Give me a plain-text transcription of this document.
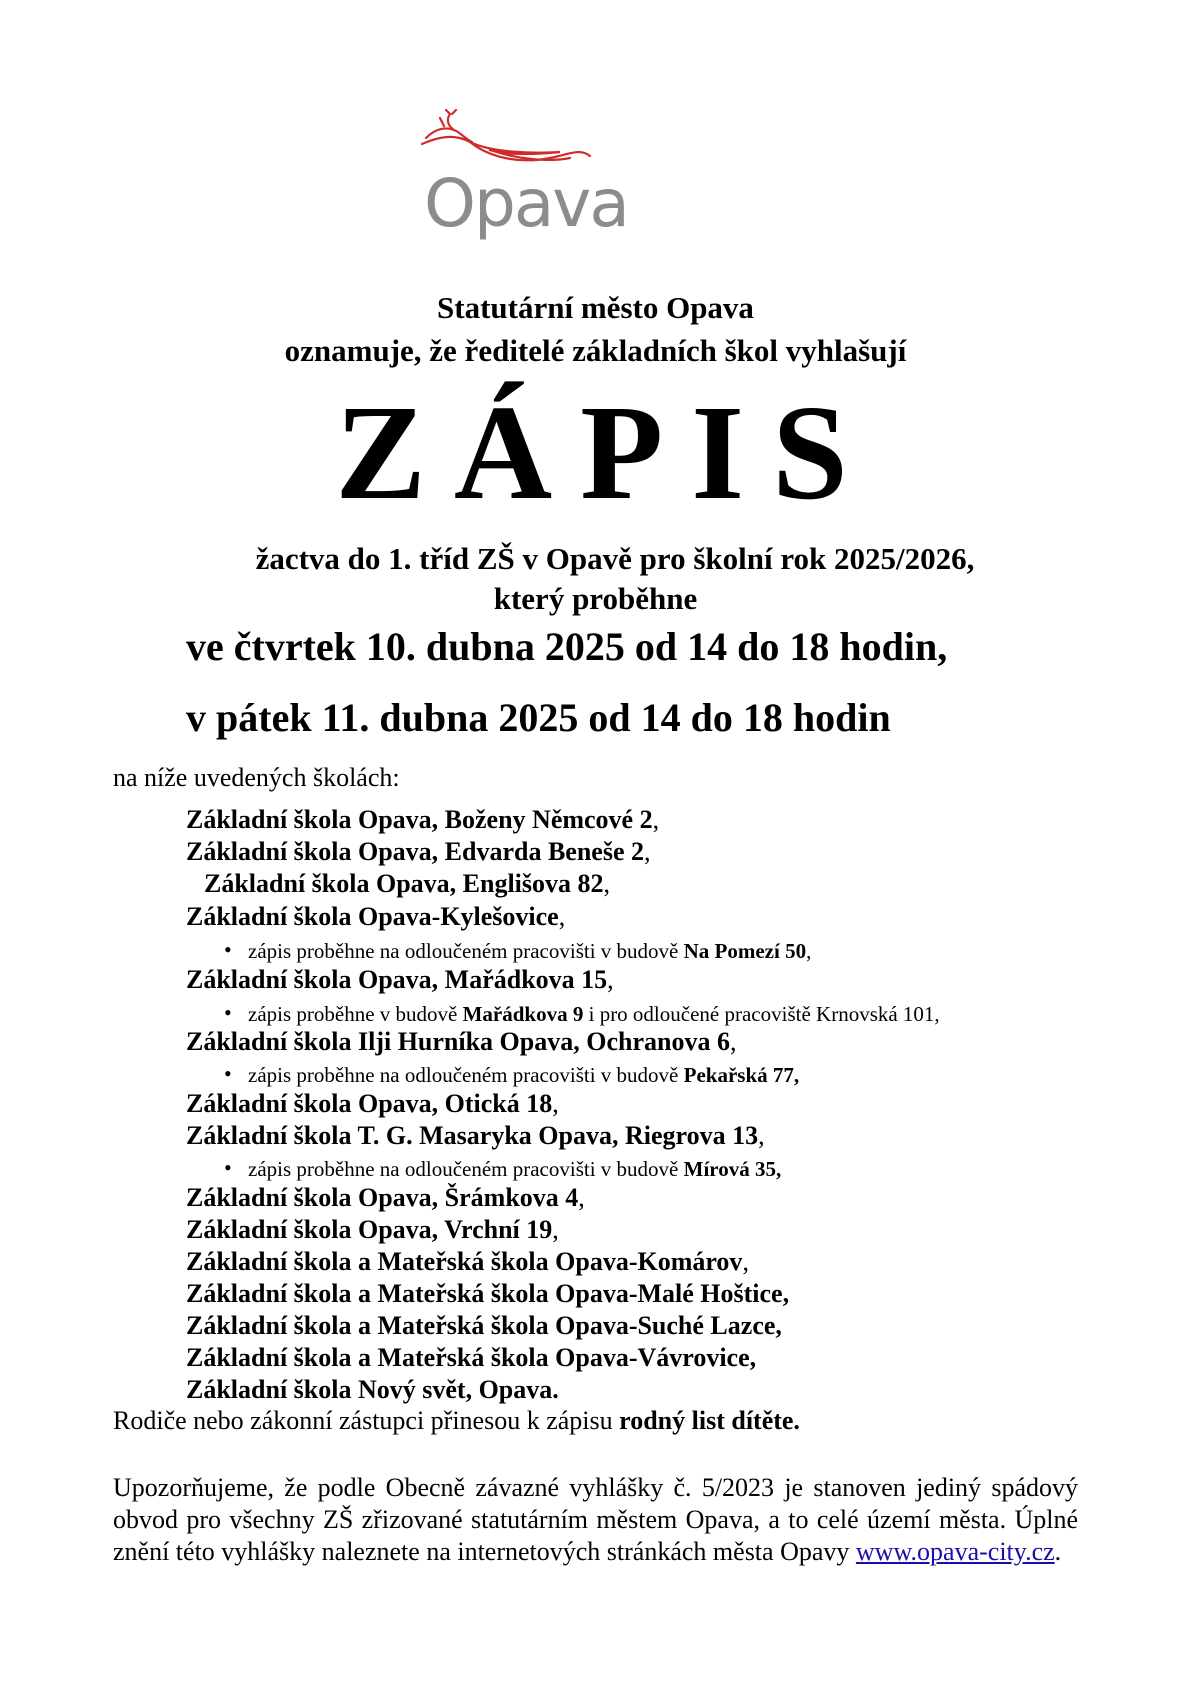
Opava
Statutární město Opava
oznamuje, že ředitelé základních škol vyhlašují
ZÁPIS
žactva do 1. tříd ZŠ v Opavě pro školní rok 2025/2026,
který proběhne
ve čtvrtek 10. dubna 2025 od 14 do 18 hodin,
v pátek 11. dubna 2025 od 14 do 18 hodin
na níže uvedených školách:
Základní škola Opava, Boženy Němcové 2,
Základní škola Opava, Edvarda Beneše 2,
Základní škola Opava, Englišova 82,
Základní škola Opava-Kylešovice,
• zápis proběhne na odloučeném pracovišti v budově Na Pomezí 50,
Základní škola Opava, Mařádkova 15,
• zápis proběhne v budově Mařádkova 9 i pro odloučené pracoviště Krnovská 101,
Základní škola Ilji Hurníka Opava, Ochranova 6,
• zápis proběhne na odloučeném pracovišti v budově Pekařská 77,
Základní škola Opava, Otická 18,
Základní škola T. G. Masaryka Opava, Riegrova 13,
• zápis proběhne na odloučeném pracovišti v budově Mírová 35,
Základní škola Opava, Šrámkova 4,
Základní škola Opava, Vrchní 19,
Základní škola a Mateřská škola Opava-Komárov,
Základní škola a Mateřská škola Opava-Malé Hoštice,
Základní škola a Mateřská škola Opava-Suché Lazce,
Základní škola a Mateřská škola Opava-Vávrovice,
Základní škola Nový svět, Opava.
Rodiče nebo zákonní zástupci přinesou k zápisu rodný list dítěte.
Upozorňujeme, že podle Obecně závazné vyhlášky č. 5/2023 je stanoven jediný spádový obvod pro všechny ZŠ zřizované statutárním městem Opava, a to celé území města. Úplné znění této vyhlášky naleznete na internetových stránkách města Opavy www.opava-city.cz.
